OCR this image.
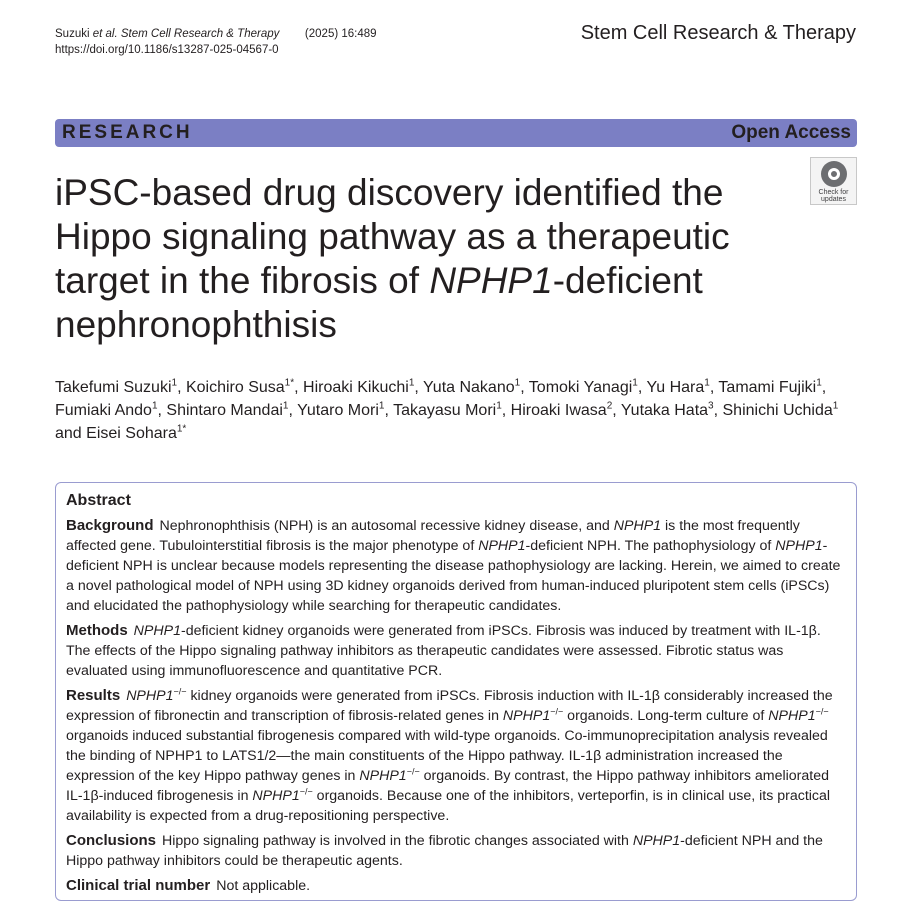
Suzuki et al. Stem Cell Research & Therapy (2025) 16:489
https://doi.org/10.1186/s13287-025-04567-0
Stem Cell Research & Therapy
RESEARCH	Open Access
Check for
updates
iPSC-based drug discovery identified the Hippo signaling pathway as a therapeutic target in the fibrosis of NPHP1-deficient nephronophthisis
Takefumi Suzuki$^1$, Koichiro Susa$^{1*}$, Hiroaki Kikuchi$^1$, Yuta Nakano$^1$, Tomoki Yanagi$^1$, Yu Hara$^1$, Tamami Fujiki$^1$, Fumiaki Ando$^1$, Shintaro Mandai$^1$, Yutaro Mori$^1$, Takayasu Mori$^1$, Hiroaki Iwasa$^2$, Yutaka Hata$^3$, Shinichi Uchida$^1$ and Eisei Sohara$^{1*}$
Abstract

Background Nephronophthisis (NPH) is an autosomal recessive kidney disease, and NPHP1 is the most frequently affected gene. Tubulointerstitial fibrosis is the major phenotype of NPHP1-deficient NPH. The pathophysiology of NPHP1-deficient NPH is unclear because models representing the disease pathophysiology are lacking. Herein, we aimed to create a novel pathological model of NPH using 3D kidney organoids derived from human-induced pluripotent stem cells (iPSCs) and elucidated the pathophysiology while searching for therapeutic candidates.

Methods NPHP1-deficient kidney organoids were generated from iPSCs. Fibrosis was induced by treatment with IL-1β. The effects of the Hippo signaling pathway inhibitors as therapeutic candidates were assessed. Fibrotic status was evaluated using immunofluorescence and quantitative PCR.

Results NPHP1−/− kidney organoids were generated from iPSCs. Fibrosis induction with IL-1β considerably increased the expression of fibronectin and transcription of fibrosis-related genes in NPHP1−/− organoids. Long-term culture of NPHP1−/− organoids induced substantial fibrogenesis compared with wild-type organoids. Co-immunoprecipitation analysis revealed the binding of NPHP1 to LATS1/2—the main constituents of the Hippo pathway. IL-1β administration increased the expression of the key Hippo pathway genes in NPHP1−/− organoids. By contrast, the Hippo pathway inhibitors ameliorated IL-1β-induced fibrogenesis in NPHP1−/− organoids. Because one of the inhibitors, verteporfin, is in clinical use, its practical availability is expected from a drug-repositioning perspective.

Conclusions Hippo signaling pathway is involved in the fibrotic changes associated with NPHP1-deficient NPH and the Hippo pathway inhibitors could be therapeutic agents.

Clinical trial number Not applicable.
